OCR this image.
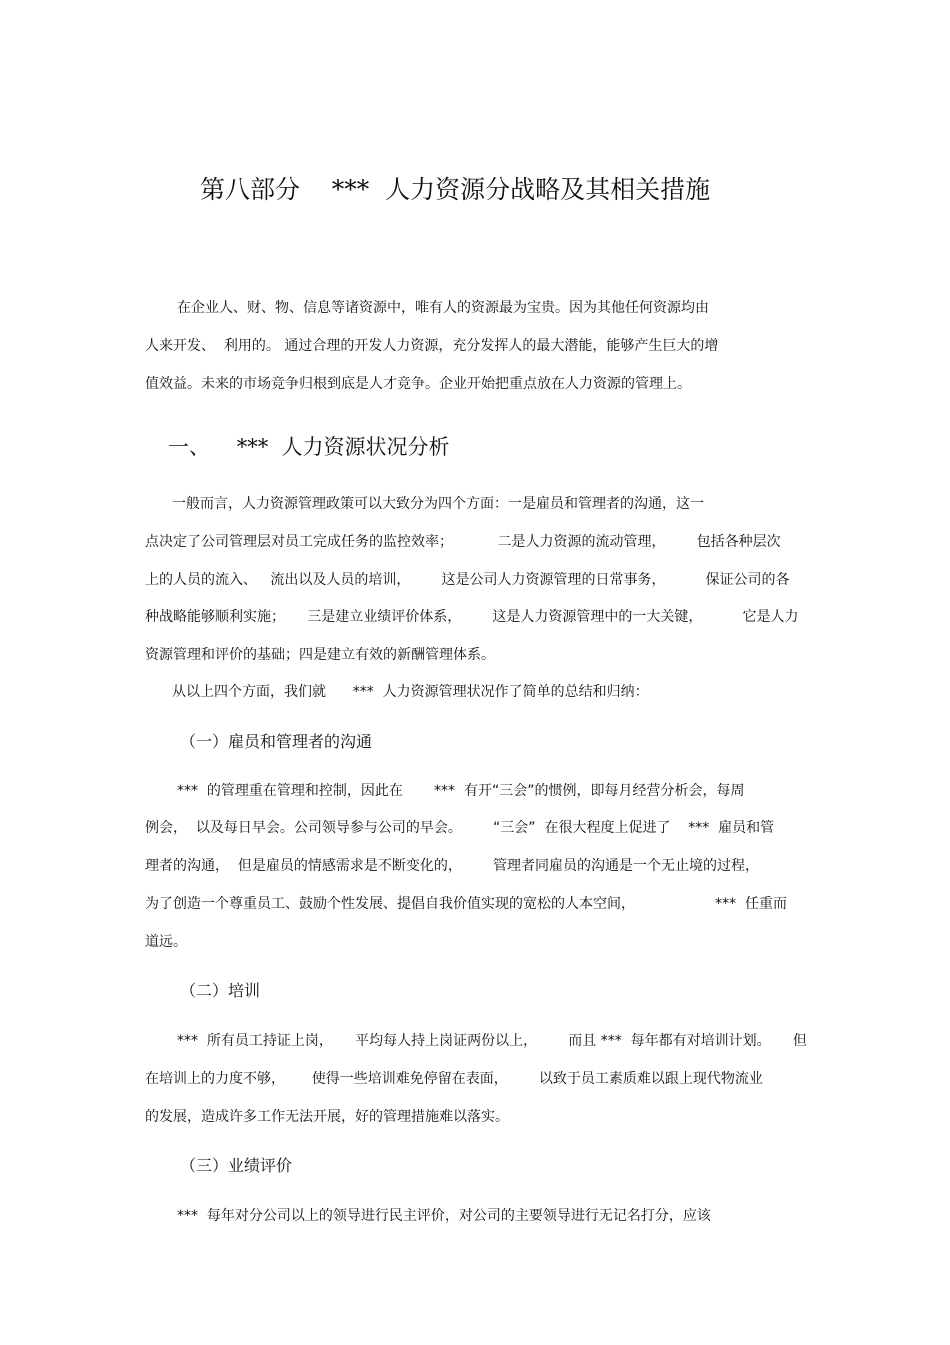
第八部分    ***  人力资源分战略及其相关措施
在企业人、财、物、信息等诸资源中，唯有人的资源最为宝贵。因为其他任何资源均由
人来开发、  利用的。 通过合理的开发人力资源，充分发挥人的最大潜能，能够产生巨大的增
值效益。未来的市场竞争归根到底是人才竞争。企业开始把重点放在人力资源的管理上。
一、    ***  人力资源状况分析
一般而言，人力资源管理政策可以大致分为四个方面：一是雇员和管理者的沟通，这一
点决定了公司管理层对员工完成任务的监控效率；          二是人力资源的流动管理，       包括各种层次
上的人员的流入、   流出以及人员的培训，       这是公司人力资源管理的日常事务，         保证公司的各
种战略能够顺利实施；     三是建立业绩评价体系，       这是人力资源管理中的一大关键，         它是人力
资源管理和评价的基础；四是建立有效的新酬管理体系。
从以上四个方面，我们就      ***  人力资源管理状况作了简单的总结和归纳：
（一）雇员和管理者的沟通
***  的管理重在管理和控制，因此在       ***  有开“三会”的惯例，即每月经营分析会，每周
例会，  以及每日早会。公司领导参与公司的早会。       “三会”  在很大程度上促进了    ***  雇员和管
理者的沟通，  但是雇员的情感需求是不断变化的，       管理者同雇员的沟通是一个无止境的过程，
为了创造一个尊重员工、鼓励个性发展、提倡自我价值实现的宽松的人本空间，                  ***  任重而
道远。
（二）培训
***  所有员工持证上岗，     平均每人持上岗证两份以上，       而且 ***  每年都有对培训计划。     但
在培训上的力度不够，      使得一些培训难免停留在表面，       以致于员工素质难以跟上现代物流业
的发展，造成许多工作无法开展，好的管理措施难以落实。
（三）业绩评价
***  每年对分公司以上的领导进行民主评价，对公司的主要领导进行无记名打分，应该
